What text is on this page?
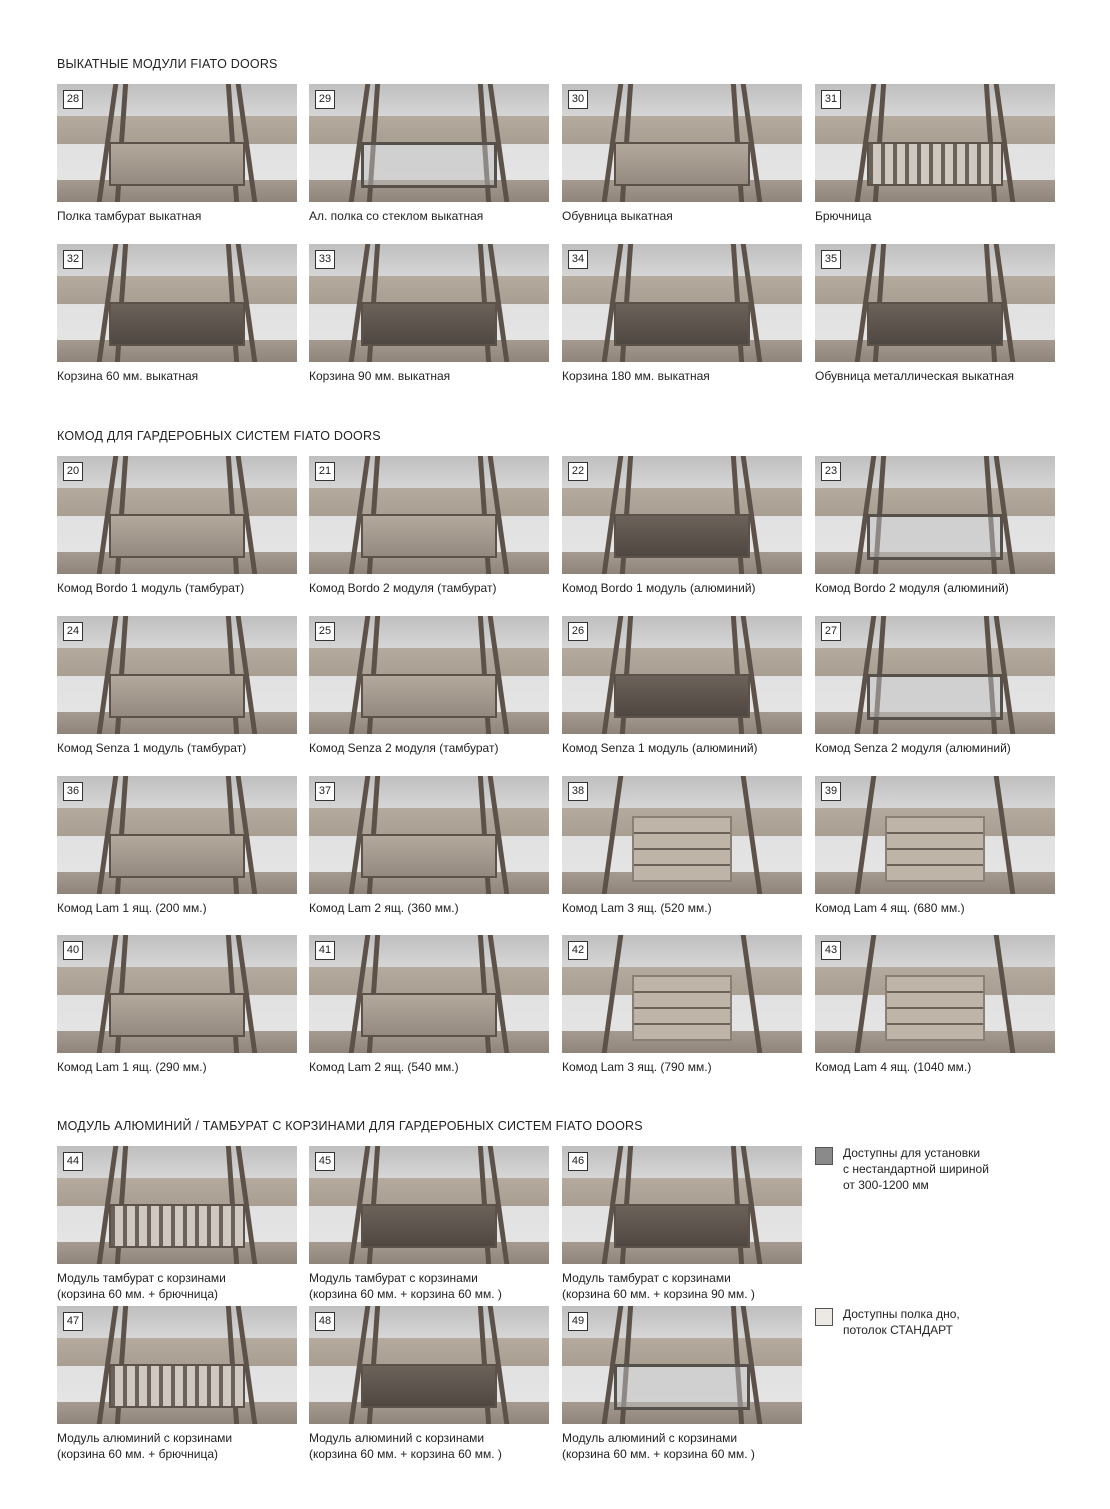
ВЫКАТНЫЕ МОДУЛИ FIATO DOORS
КОМОД ДЛЯ ГАРДЕРОБНЫХ СИСТЕМ FIATO DOORS
МОДУЛЬ АЛЮМИНИЙ / ТАМБУРАТ С КОРЗИНАМИ ДЛЯ ГАРДЕРОБНЫХ СИСТЕМ FIATO DOORS
28
Полка тамбурат выкатная
29
Ал. полка со стеклом выкатная
30
Обувница выкатная
31
Брючница
32
Корзина 60 мм. выкатная
33
Корзина 90 мм. выкатная
34
Корзина 180 мм. выкатная
35
Обувница металлическая выкатная
20
Комод Bordo 1 модуль (тамбурат)
21
Комод Bordo 2 модуля (тамбурат)
22
Комод Bordo 1 модуль (алюминий)
23
Комод Bordo 2 модуля (алюминий)
24
Комод Senza 1 модуль (тамбурат)
25
Комод Senza 2 модуля (тамбурат)
26
Комод Senza 1 модуль (алюминий)
27
Комод Senza 2 модуля (алюминий)
36
Комод Lam 1 ящ. (200 мм.)
37
Комод Lam 2 ящ. (360 мм.)
38
Комод Lam 3 ящ. (520 мм.)
39
Комод Lam 4 ящ. (680 мм.)
40
Комод Lam 1 ящ. (290 мм.)
41
Комод Lam 2 ящ. (540 мм.)
42
Комод Lam 3 ящ. (790 мм.)
43
Комод Lam 4 ящ. (1040 мм.)
44
Модуль тамбурат с корзинами
(корзина 60 мм. + брючница)
45
Модуль тамбурат с корзинами
(корзина 60 мм. + корзина 60 мм. )
46
Модуль тамбурат с корзинами
(корзина 60 мм. + корзина 90 мм. )
47
Модуль алюминий с корзинами
(корзина 60 мм. + брючница)
48
Модуль алюминий с корзинами
(корзина 60 мм. + корзина 60 мм. )
49
Модуль алюминий с корзинами
(корзина 60 мм. + корзина 60 мм. )
Доступны для установки
с нестандартной шириной
от 300-1200 мм
Доступны полка дно,
потолок СТАНДАРТ
